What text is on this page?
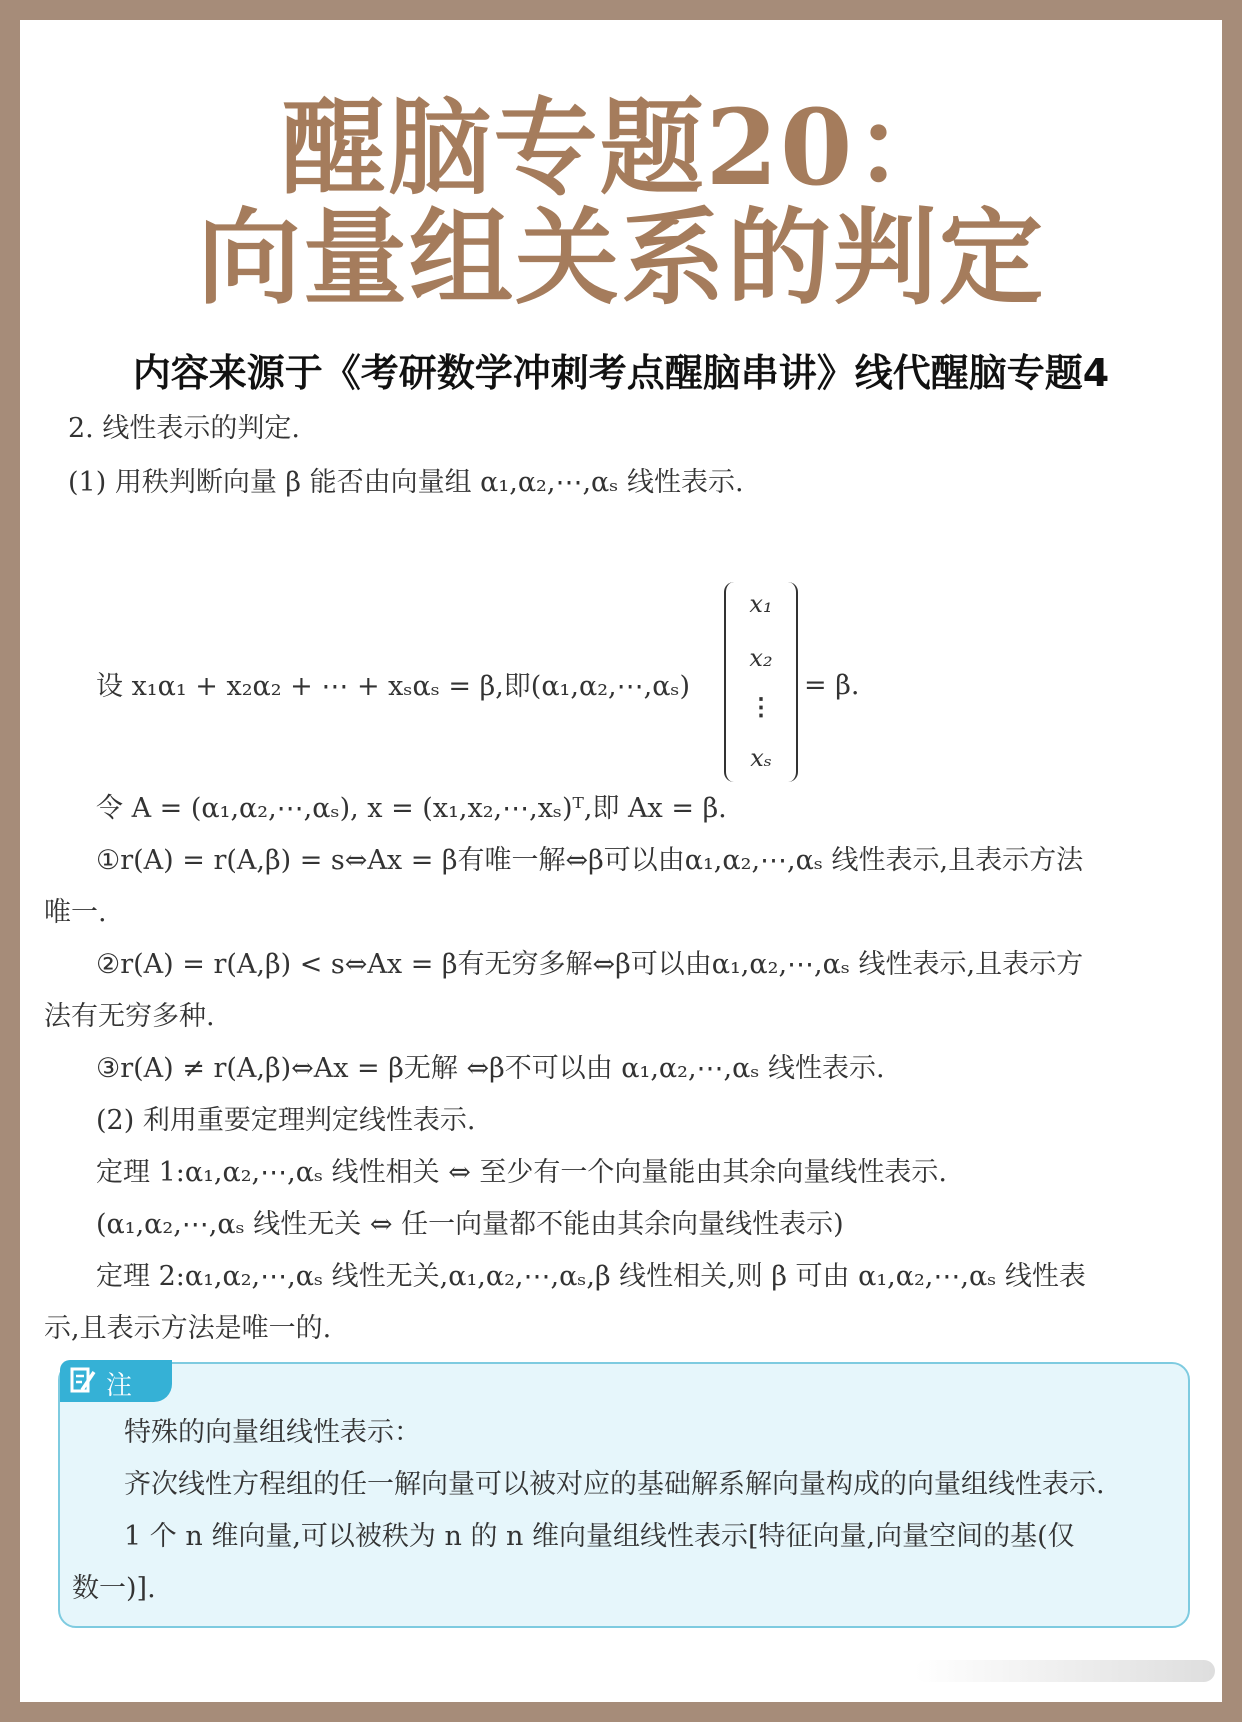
醒脑专题20：
向量组关系的判定
内容来源于《考研数学冲刺考点醒脑串讲》线代醒脑专题4
2. 线性表示的判定.
(1) 用秩判断向量 β 能否由向量组 α₁,α₂,⋯,αₛ 线性表示.
设 x₁α₁ + x₂α₂ + ⋯ + xₛαₛ = β,即(α₁,α₂,⋯,αₛ)
x₁
x₂
⋮
xₛ
= β.
令 A = (α₁,α₂,⋯,αₛ), x = (x₁,x₂,⋯,xₛ)ᵀ,即 Ax = β.
①r(A) = r(A,β) = s⇔Ax = β有唯一解⇔β可以由α₁,α₂,⋯,αₛ 线性表示,且表示方法
唯一.
②r(A) = r(A,β) < s⇔Ax = β有无穷多解⇔β可以由α₁,α₂,⋯,αₛ 线性表示,且表示方
法有无穷多种.
③r(A) ≠ r(A,β)⇔Ax = β无解 ⇔β不可以由 α₁,α₂,⋯,αₛ 线性表示.
(2) 利用重要定理判定线性表示.
定理 1:α₁,α₂,⋯,αₛ 线性相关 ⇔ 至少有一个向量能由其余向量线性表示.
(α₁,α₂,⋯,αₛ 线性无关 ⇔ 任一向量都不能由其余向量线性表示)
定理 2:α₁,α₂,⋯,αₛ 线性无关,α₁,α₂,⋯,αₛ,β 线性相关,则 β 可由 α₁,α₂,⋯,αₛ 线性表
示,且表示方法是唯一的.
注
特殊的向量组线性表示：
齐次线性方程组的任一解向量可以被对应的基础解系解向量构成的向量组线性表示.
1 个 n 维向量,可以被秩为 n 的 n 维向量组线性表示[特征向量,向量空间的基(仅
数一)].
